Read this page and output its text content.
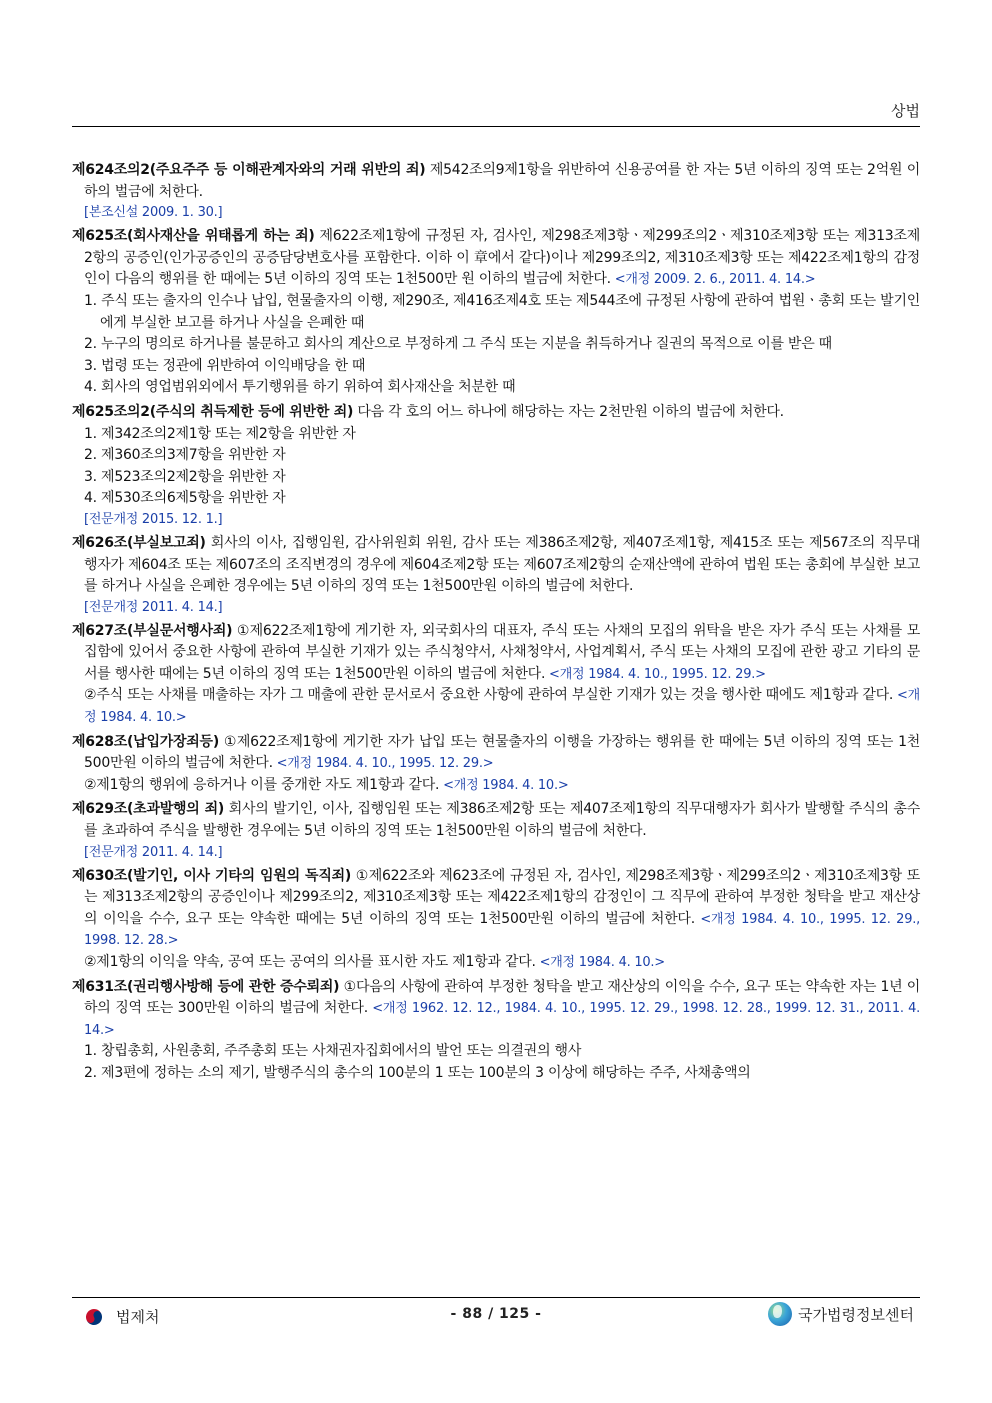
상법
제624조의2(주요주주 등 이해관계자와의 거래 위반의 죄) 제542조의9제1항을 위반하여 신용공여를 한 자는 5년 이하의 징역 또는 2억원 이하의 벌금에 처한다.
[본조신설 2009. 1. 30.]
제625조(회사재산을 위태롭게 하는 죄) 제622조제1항에 규정된 자, 검사인, 제298조제3항ㆍ제299조의2ㆍ제310조제3항 또는 제313조제2항의 공증인(인가공증인의 공증담당변호사를 포함한다. 이하 이 章에서 같다)이나 제299조의2, 제310조제3항 또는 제422조제1항의 감정인이 다음의 행위를 한 때에는 5년 이하의 징역 또는 1천500만 원 이하의 벌금에 처한다. <개정 2009. 2. 6., 2011. 4. 14.>
1. 주식 또는 출자의 인수나 납입, 현물출자의 이행, 제290조, 제416조제4호 또는 제544조에 규정된 사항에 관하여 법원ㆍ총회 또는 발기인에게 부실한 보고를 하거나 사실을 은폐한 때
2. 누구의 명의로 하거나를 불문하고 회사의 계산으로 부정하게 그 주식 또는 지분을 취득하거나 질권의 목적으로 이를 받은 때
3. 법령 또는 정관에 위반하여 이익배당을 한 때
4. 회사의 영업범위외에서 투기행위를 하기 위하여 회사재산을 처분한 때
제625조의2(주식의 취득제한 등에 위반한 죄) 다음 각 호의 어느 하나에 해당하는 자는 2천만원 이하의 벌금에 처한다.
1. 제342조의2제1항 또는 제2항을 위반한 자
2. 제360조의3제7항을 위반한 자
3. 제523조의2제2항을 위반한 자
4. 제530조의6제5항을 위반한 자
[전문개정 2015. 12. 1.]
제626조(부실보고죄) 회사의 이사, 집행임원, 감사위원회 위원, 감사 또는 제386조제2항, 제407조제1항, 제415조 또는 제567조의 직무대행자가 제604조 또는 제607조의 조직변경의 경우에 제604조제2항 또는 제607조제2항의 순재산액에 관하여 법원 또는 총회에 부실한 보고를 하거나 사실을 은폐한 경우에는 5년 이하의 징역 또는 1천500만원 이하의 벌금에 처한다.
[전문개정 2011. 4. 14.]
제627조(부실문서행사죄) ①제622조제1항에 게기한 자, 외국회사의 대표자, 주식 또는 사채의 모집의 위탁을 받은 자가 주식 또는 사채를 모집함에 있어서 중요한 사항에 관하여 부실한 기재가 있는 주식청약서, 사채청약서, 사업계획서, 주식 또는 사채의 모집에 관한 광고 기타의 문서를 행사한 때에는 5년 이하의 징역 또는 1천500만원 이하의 벌금에 처한다. <개정 1984. 4. 10., 1995. 12. 29.>
②주식 또는 사채를 매출하는 자가 그 매출에 관한 문서로서 중요한 사항에 관하여 부실한 기재가 있는 것을 행사한 때에도 제1항과 같다. <개정 1984. 4. 10.>
제628조(납입가장죄등) ①제622조제1항에 게기한 자가 납입 또는 현물출자의 이행을 가장하는 행위를 한 때에는 5년 이하의 징역 또는 1천500만원 이하의 벌금에 처한다. <개정 1984. 4. 10., 1995. 12. 29.>
②제1항의 행위에 응하거나 이를 중개한 자도 제1항과 같다. <개정 1984. 4. 10.>
제629조(초과발행의 죄) 회사의 발기인, 이사, 집행임원 또는 제386조제2항 또는 제407조제1항의 직무대행자가 회사가 발행할 주식의 총수를 초과하여 주식을 발행한 경우에는 5년 이하의 징역 또는 1천500만원 이하의 벌금에 처한다.
[전문개정 2011. 4. 14.]
제630조(발기인, 이사 기타의 임원의 독직죄) ①제622조와 제623조에 규정된 자, 검사인, 제298조제3항ㆍ제299조의2ㆍ제310조제3항 또는 제313조제2항의 공증인이나 제299조의2, 제310조제3항 또는 제422조제1항의 감정인이 그 직무에 관하여 부정한 청탁을 받고 재산상의 이익을 수수, 요구 또는 약속한 때에는 5년 이하의 징역 또는 1천500만원 이하의 벌금에 처한다. <개정 1984. 4. 10., 1995. 12. 29., 1998. 12. 28.>
②제1항의 이익을 약속, 공여 또는 공여의 의사를 표시한 자도 제1항과 같다. <개정 1984. 4. 10.>
제631조(권리행사방해 등에 관한 증수뢰죄) ①다음의 사항에 관하여 부정한 청탁을 받고 재산상의 이익을 수수, 요구 또는 약속한 자는 1년 이하의 징역 또는 300만원 이하의 벌금에 처한다. <개정 1962. 12. 12., 1984. 4. 10., 1995. 12. 29., 1998. 12. 28., 1999. 12. 31., 2011. 4. 14.>
1. 창립총회, 사원총회, 주주총회 또는 사채권자집회에서의 발언 또는 의결권의 행사
2. 제3편에 정하는 소의 제기, 발행주식의 총수의 100분의 1 또는 100분의 3 이상에 해당하는 주주, 사채총액의
법제처	- 88 / 125 -	국가법령정보센터
